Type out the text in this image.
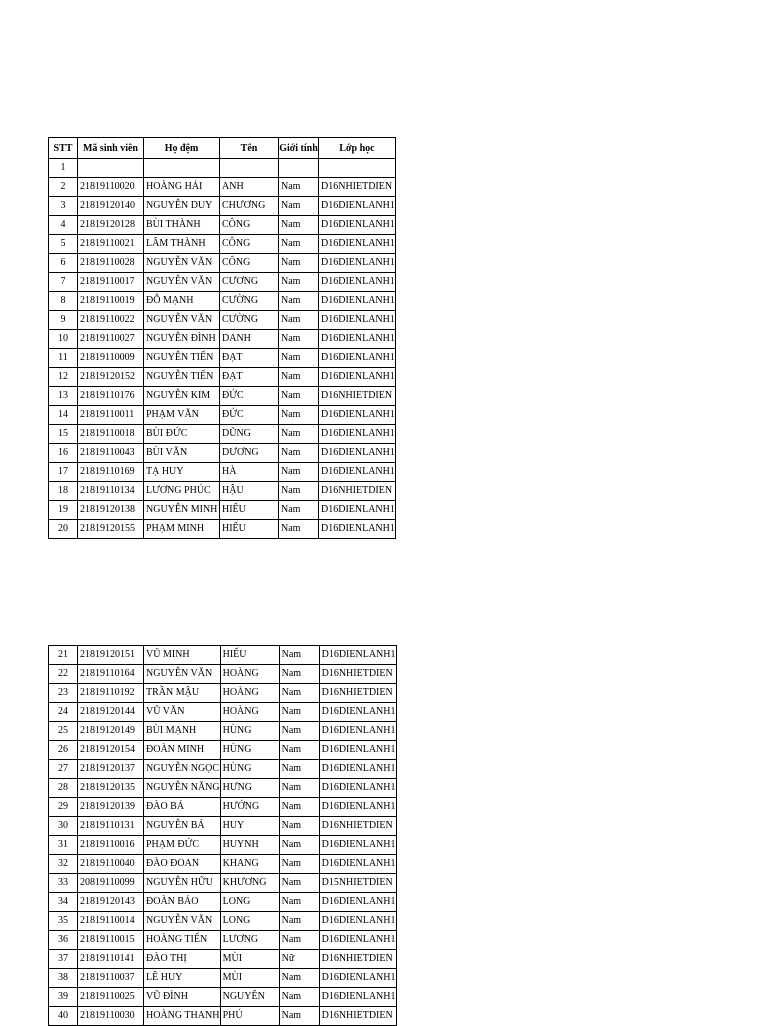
STT	Mã sinh viên	Họ đệm	Tên	Giới tính	Lớp học
1					
2	21819110020	HOÀNG HẢI	ANH	Nam	D16NHIETDIEN
3	21819120140	NGUYỄN DUY	CHƯƠNG	Nam	D16DIENLANH1
4	21819120128	BÙI THÀNH	CÔNG	Nam	D16DIENLANH1
5	21819110021	LÂM THÀNH	CÔNG	Nam	D16DIENLANH1
6	21819110028	NGUYỄN VĂN	CÔNG	Nam	D16DIENLANH1
7	21819110017	NGUYỄN VĂN	CƯƠNG	Nam	D16DIENLANH1
8	21819110019	ĐỖ MẠNH	CƯỜNG	Nam	D16DIENLANH1
9	21819110022	NGUYỄN VĂN	CƯỜNG	Nam	D16DIENLANH1
10	21819110027	NGUYỄN ĐÌNH	DANH	Nam	D16DIENLANH1
11	21819110009	NGUYỄN TIẾN	ĐẠT	Nam	D16DIENLANH1
12	21819120152	NGUYỄN TIẾN	ĐẠT	Nam	D16DIENLANH1
13	21819110176	NGUYỄN KIM	ĐỨC	Nam	D16NHIETDIEN
14	21819110011	PHẠM VĂN	ĐỨC	Nam	D16DIENLANH1
15	21819110018	BÙI ĐỨC	DŨNG	Nam	D16DIENLANH1
16	21819110043	BÙI VĂN	DƯƠNG	Nam	D16DIENLANH1
17	21819110169	TẠ HUY	HÀ	Nam	D16DIENLANH1
18	21819110134	LƯƠNG PHÚC	HẬU	Nam	D16NHIETDIEN
19	21819120138	NGUYỄN MINH	HIẾU	Nam	D16DIENLANH1
20	21819120155	PHẠM MINH	HIẾU	Nam	D16DIENLANH1
21	21819120151	VŨ MINH	HIẾU	Nam	D16DIENLANH1
22	21819110164	NGUYỄN VĂN	HOÀNG	Nam	D16NHIETDIEN
23	21819110192	TRẦN MẬU	HOÀNG	Nam	D16NHIETDIEN
24	21819120144	VŨ VĂN	HOÀNG	Nam	D16DIENLANH1
25	21819120149	BÙI MẠNH	HÙNG	Nam	D16DIENLANH1
26	21819120154	ĐOÀN MINH	HÙNG	Nam	D16DIENLANH1
27	21819120137	NGUYỄN NGỌC	HÙNG	Nam	D16DIENLANH1
28	21819120135	NGUYỄN NĂNG	HƯNG	Nam	D16DIENLANH1
29	21819120139	ĐÀO BÁ	HƯỚNG	Nam	D16DIENLANH1
30	21819110131	NGUYỄN BÁ	HUY	Nam	D16NHIETDIEN
31	21819110016	PHẠM ĐỨC	HUYNH	Nam	D16DIENLANH1
32	21819110040	ĐÀO ĐOAN	KHANG	Nam	D16DIENLANH1
33	20819110099	NGUYỄN HỮU	KHƯƠNG	Nam	D15NHIETDIEN
34	21819120143	ĐOÀN BẢO	LONG	Nam	D16DIENLANH1
35	21819110014	NGUYỄN VĂN	LONG	Nam	D16DIENLANH1
36	21819110015	HOÀNG TIẾN	LƯƠNG	Nam	D16DIENLANH1
37	21819110141	ĐÀO THỊ	MÙI	Nữ	D16NHIETDIEN
38	21819110037	LÊ HUY	MÙI	Nam	D16DIENLANH1
39	21819110025	VŨ ĐÌNH	NGUYÊN	Nam	D16DIENLANH1
40	21819110030	HOÀNG THANH	PHÚ	Nam	D16NHIETDIEN
